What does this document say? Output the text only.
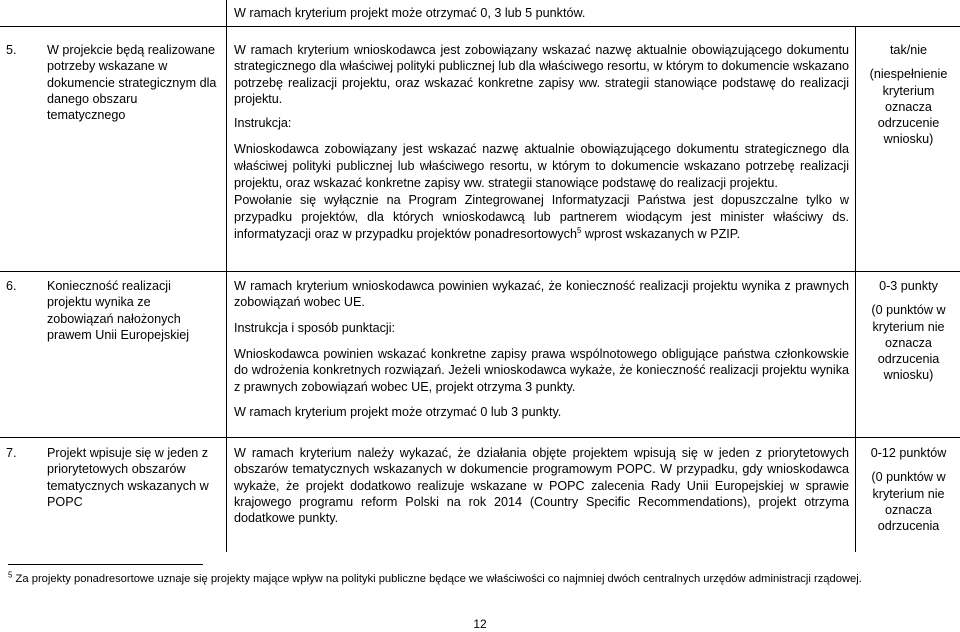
W ramach kryterium projekt może otrzymać 0, 3 lub 5 punktów.
5. W projekcie będą realizowane potrzeby wskazane w dokumencie strategicznym dla danego obszaru tematycznego

W ramach kryterium wnioskodawca jest zobowiązany wskazać nazwę aktualnie obowiązującego dokumentu strategicznego dla właściwej polityki publicznej lub dla właściwego resortu, w którym to dokumencie wskazano potrzebę realizacji projektu, oraz wskazać konkretne zapisy ww. strategii stanowiące podstawę do realizacji projektu.

Instrukcja:

Wnioskodawca zobowiązany jest wskazać nazwę aktualnie obowiązującego dokumentu strategicznego dla właściwej polityki publicznej lub właściwego resortu, w którym to dokumencie wskazano potrzebę realizacji projektu, oraz wskazać konkretne zapisy ww. strategii stanowiące podstawę do realizacji projektu.

Powołanie się wyłącznie na Program Zintegrowanej Informatyzacji Państwa jest dopuszczalne tylko w przypadku projektów, dla których wnioskodawcą lub partnerem wiodącym jest minister właściwy ds. informatyzacji oraz w przypadku projektów ponadresortowych$^5$ wprost wskazanych w PZIP.

tak/nie

(niespełnienie kryterium oznacza odrzucenie wniosku)

6. Konieczność realizacji projektu wynika ze zobowiązań nałożonych prawem Unii Europejskiej

W ramach kryterium wnioskodawca powinien wykazać, że konieczność realizacji projektu wynika z prawnych zobowiązań wobec UE.

Instrukcja i sposób punktacji:

Wnioskodawca powinien wskazać konkretne zapisy prawa wspólnotowego obligujące państwa członkowskie do wdrożenia konkretnych rozwiązań. Jeżeli wnioskodawca wykaże, że konieczność realizacji projektu wynika z prawnych zobowiązań wobec UE, projekt otrzyma 3 punkty.

W ramach kryterium projekt może otrzymać 0 lub 3 punkty.

0-3 punkty

(0 punktów w kryterium nie oznacza odrzucenia wniosku)

7. Projekt wpisuje się w jeden z priorytetowych obszarów tematycznych wskazanych w POPC

W ramach kryterium należy wykazać, że działania objęte projektem wpisują się w jeden z priorytetowych obszarów tematycznych wskazanych w dokumencie programowym POPC. W przypadku, gdy wnioskodawca wykaże, że projekt dodatkowo realizuje wskazane w POPC zalecenia Rady Unii Europejskiej w sprawie krajowego programu reform Polski na rok 2014 (Country Specific Recommendations), projekt otrzyma dodatkowe punkty.

0-12 punktów

(0 punktów w kryterium nie oznacza odrzucenia

$^5$ Za projekty ponadresortowe uznaje się projekty mające wpływ na polityki publiczne będące we właściwości co najmniej dwóch centralnych urzędów administracji rządowej.
12
